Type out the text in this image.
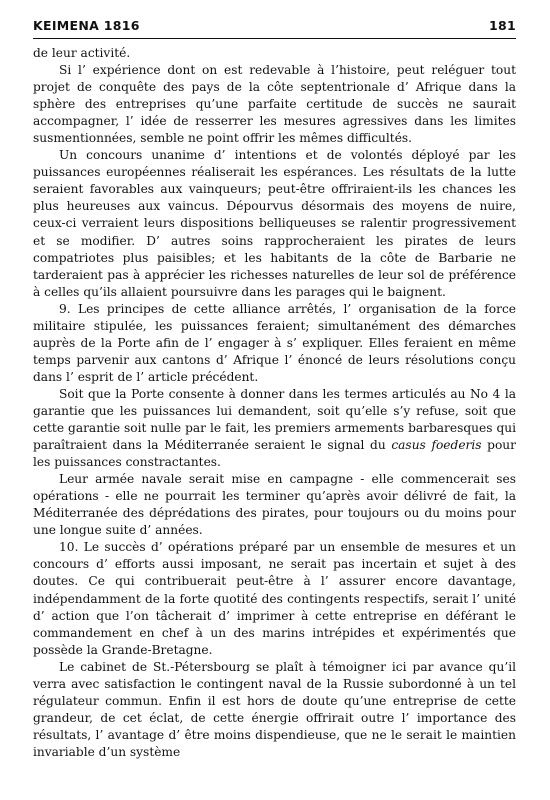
KEIMENA 1816	181

de leur activité.

Si l’ expérience dont on est redevable à l’histoire, peut reléguer tout projet de conquête des pays de la côte septentrionale d’ Afrique dans la sphère des entreprises qu’une parfaite certitude de succès ne saurait accompagner, l’ idée de resserrer les mesures agressives dans les limites susmentionnées, semble ne point offrir les mêmes difficultés.

Un concours unanime d’ intentions et de volontés déployé par les puissances européennes réaliserait les espérances. Les résultats de la lutte seraient favorables aux vainqueurs; peut-être offriraient-ils les chances les plus heureuses aux vaincus. Dépourvus désormais des moyens de nuire, ceux-ci verraient leurs dispositions belliqueuses se ralentir progressivement et se modifier. D’ autres soins rapprocheraient les pirates de leurs compatriotes plus paisibles; et les habitants de la côte de Barbarie ne tarderaient pas à apprécier les richesses naturelles de leur sol de préférence à celles qu’ils allaient poursuivre dans les parages qui le baignent.

9. Les principes de cette alliance arrêtés, l’ organisation de la force militaire stipulée, les puissances feraient; simultanément des démarches auprès de la Porte afin de l’ engager à s’ expliquer. Elles feraient en même temps parvenir aux cantons d’ Afrique l’ énoncé de leurs résolutions conçu dans l’ esprit de l’ article précédent.

Soit que la Porte consente à donner dans les termes articulés au No 4 la garantie que les puissances lui demandent, soit qu’elle s’y refuse, soit que cette garantie soit nulle par le fait, les premiers armements barbaresques qui paraîtraient dans la Méditerranée seraient le signal du casus foederis pour les puissances constractantes.

Leur armée navale serait mise en campagne - elle commencerait ses opérations - elle ne pourrait les terminer qu’après avoir délivré de fait, la Méditerranée des déprédations des pirates, pour toujours ou du moins pour une longue suite d’ années.

10. Le succès d’ opérations préparé par un ensemble de mesures et un concours d’ efforts aussi imposant, ne serait pas incertain et sujet à des doutes. Ce qui contribuerait peut-être à l’ assurer encore davantage, indépendamment de la forte quotité des contingents respectifs, serait l’ unité d’ action que l’on tâcherait d’ imprimer à cette entreprise en déférant le commandement en chef à un des marins intrépides et expérimentés que possède la Grande-Bretagne.

Le cabinet de St.-Pétersbourg se plaît à témoigner ici par avance qu’il verra avec satisfaction le contingent naval de la Russie subordonné à un tel régulateur commun. Enfin il est hors de doute qu’une entreprise de cette grandeur, de cet éclat, de cette énergie offrirait outre l’ importance des résultats, l’ avantage d’ être moins dispendieuse, que ne le serait le maintien invariable d’un système
